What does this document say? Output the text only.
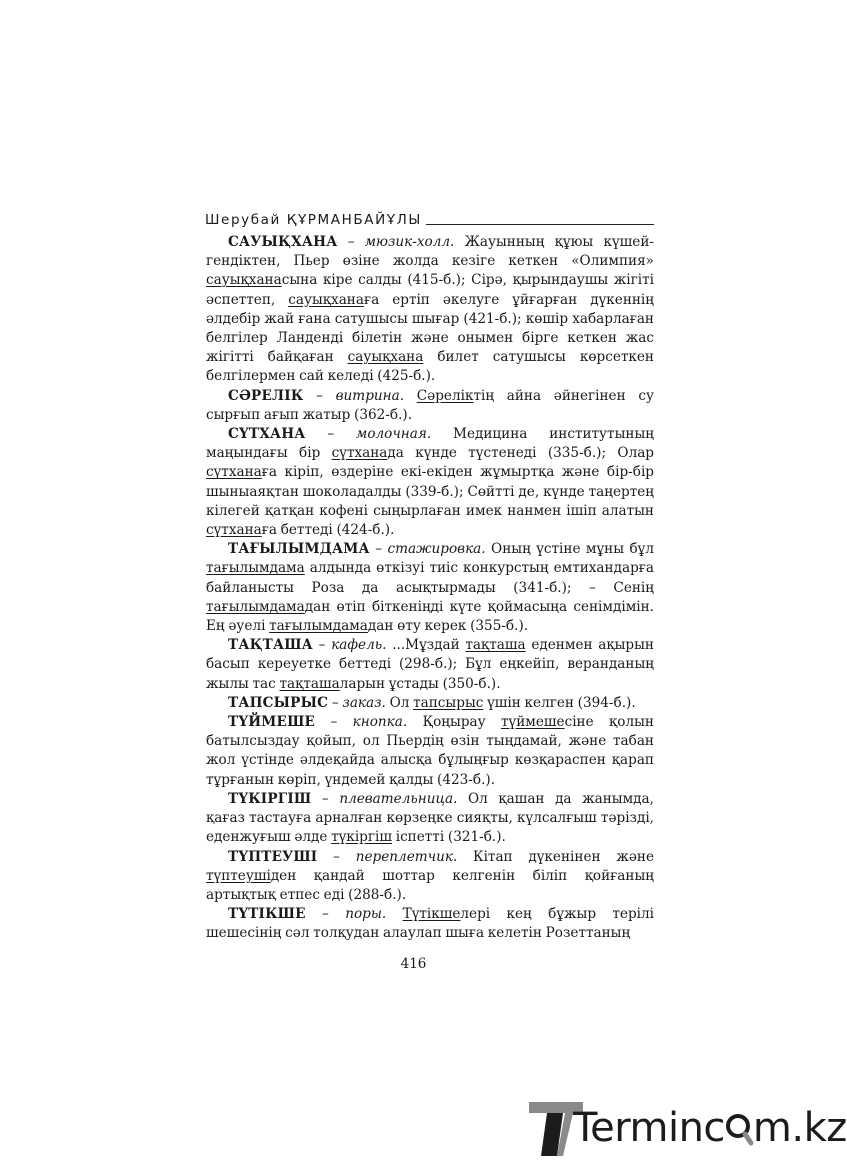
Шерубай ҚҰРМАНБАЙҰЛЫ

САУЫҚХАНА – мюзик-холл. Жауынның құюы күшейгендіктен, Пьер өзіне жолда кезіге кеткен «Олимпия» сауықханасына кіре салды (415-б.); Сірә, қырындаушы жігіті әспеттеп, сауықханаға ертіп әкелуге ұйғарған дүкеннің әлдебір жай ғана сатушысы шығар (421-б.); көшір хабарлаған белгілер Ланденді білетін және онымен бірге кеткен жас жігітті байқаған сауықхана билет сатушысы көрсеткен белгілермен сай келеді (425-б.).

СӘРЕЛІК – витрина. Сәреліктің айна әйнегінен су сырғып ағып жатыр (362-б.).

СҮТХАНА – молочная. Медицина институтының маңындағы бір сүтханада күнде түстенеді (335-б.); Олар сүтханаға кіріп, өздеріне екі-екіден жұмыртқа және бір-бір шыныаяқтан шоколадалды (339-б.); Сөйтті де, күнде таңертең кілегей қатқан кофені сыңырлаған имек нанмен ішіп алатын сүтханаға беттеді (424-б.).

ТАҒЫЛЫМДАМА – стажировка. Оның үстіне мұны бұл тағылымдама алдында өткізуі тиіс конкурстың емтихандарға байланысты Роза да асықтырмады (341-б.); – Сенің тағылымдамадан өтіп біткеніңді күте қоймасыңа сенімдімін. Ең әуелі тағылымдамадан өту керек (355-б.).

ТАҚТАША – кафель. ...Мұздай тақташа еденмен ақырын басып кереуетке беттеді (298-б.); Бұл еңкейіп, веранданың жылы тас тақташаларын ұстады (350-б.).

ТАПСЫРЫС – заказ. Ол тапсырыс үшін келген (394-б.).

ТҮЙМЕШЕ – кнопка. Қоңырау түймешесіне қолын батылсыздау қойып, ол Пьердің өзін тыңдамай, және табан жол үстінде әлдеқайда алысқа бұлыңғыр көзқараспен қарап тұрғанын көріп, үндемей қалды (423-б.).

ТҮКІРГІШ – плевательница. Ол қашан да жанымда, қағаз тастауға арналған көрзеңке сияқты, күлсалғыш тәрізді, еденжуғыш әлде түкіргіш іспетті (321-б.).

ТҮПТЕУШІ – переплетчик. Кітап дүкенінен және түптеушіден қандай шоттар келгенін біліп қойғаның артықтық етпес еді (288-б.).

ТҮТІКШЕ – поры. Түтікшелері кең бұжыр терілі шешесінің сәл толқудан алаулап шыға келетін Розеттаның

416
Terminc m.kz
